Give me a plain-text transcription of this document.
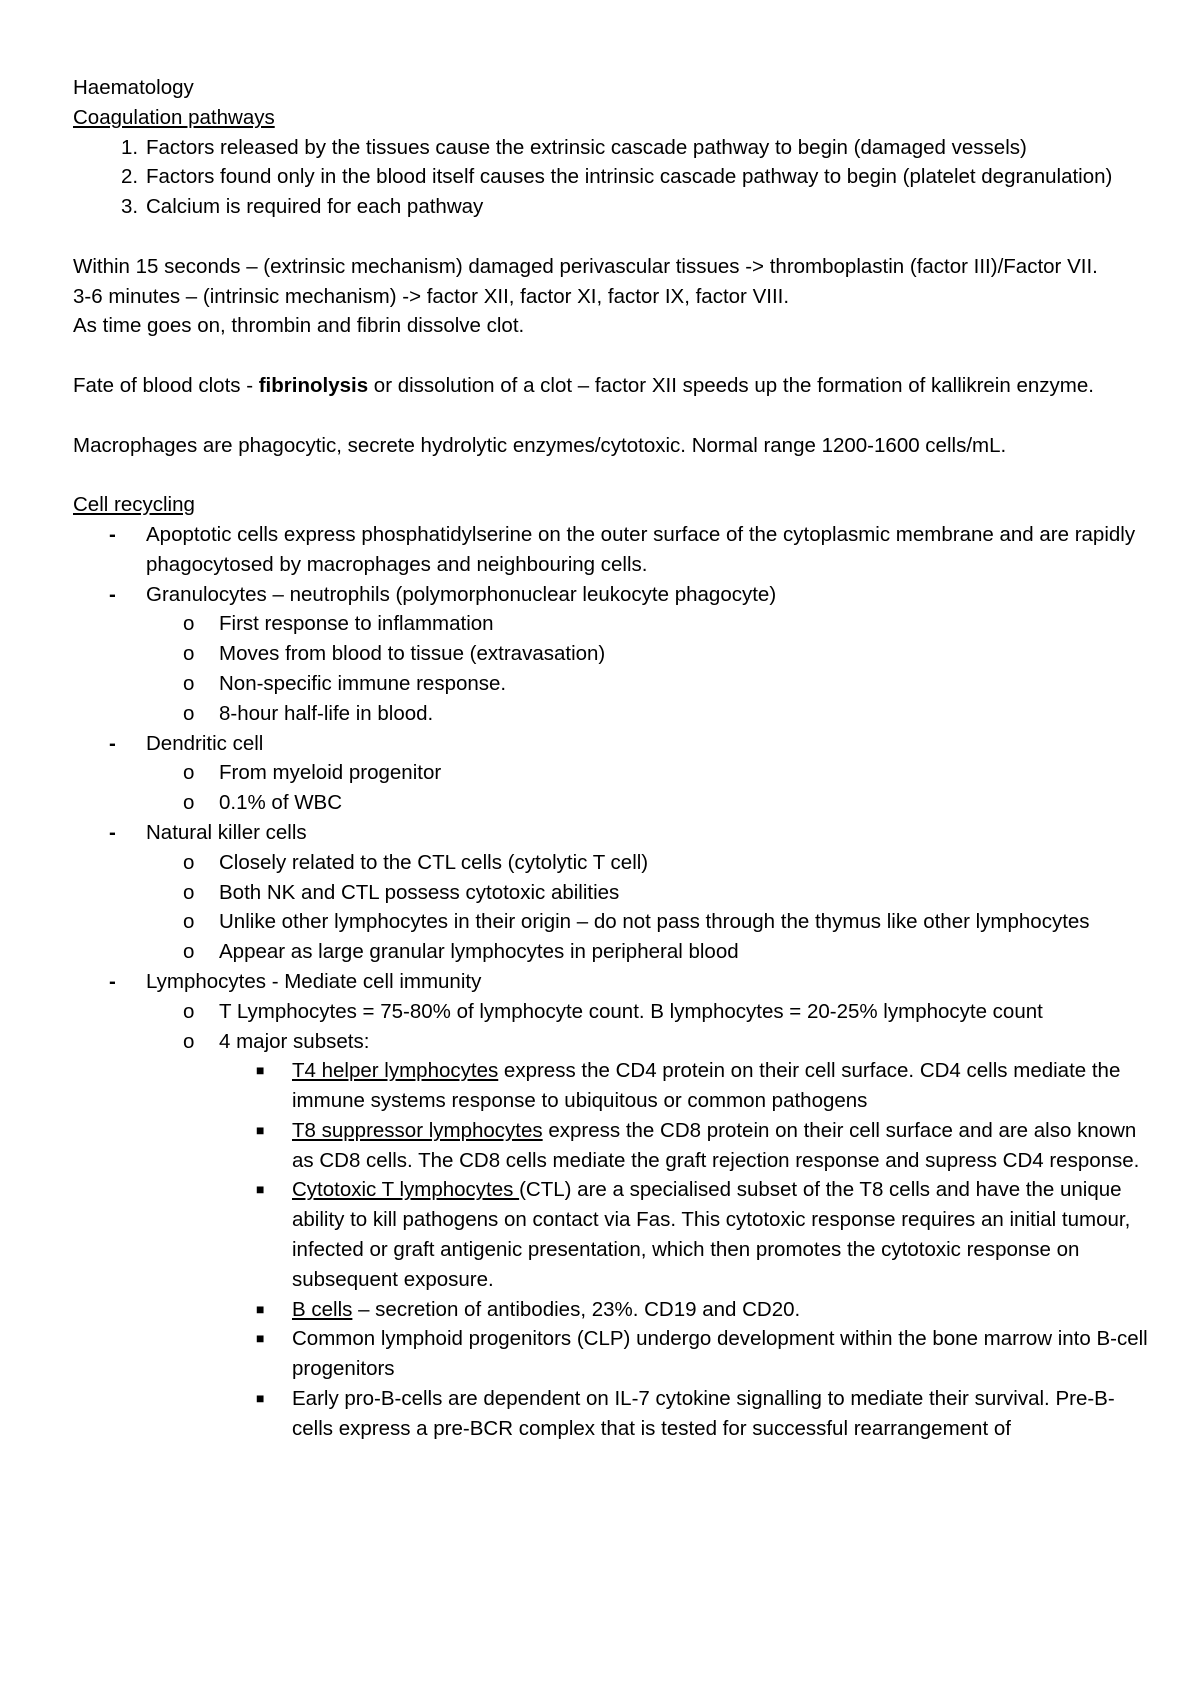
Haematology

Coagulation pathways

1. Factors released by the tissues cause the extrinsic cascade pathway to begin (damaged vessels)

2. Factors found only in the blood itself causes the intrinsic cascade pathway to begin (platelet degranulation)

3. Calcium is required for each pathway

Within 15 seconds – (extrinsic mechanism) damaged perivascular tissues -> thromboplastin (factor III)/Factor VII.

3-6 minutes – (intrinsic mechanism) -> factor XII, factor XI, factor IX, factor VIII.

As time goes on, thrombin and fibrin dissolve clot.

Fate of blood clots - fibrinolysis or dissolution of a clot – factor XII speeds up the formation of kallikrein enzyme.

Macrophages are phagocytic, secrete hydrolytic enzymes/cytotoxic. Normal range 1200-1600 cells/mL.

Cell recycling

- Apoptotic cells express phosphatidylserine on the outer surface of the cytoplasmic membrane and are rapidly phagocytosed by macrophages and neighbouring cells.

- Granulocytes – neutrophils (polymorphonuclear leukocyte phagocyte)

o First response to inflammation

o Moves from blood to tissue (extravasation)

o Non-specific immune response.

o 8-hour half-life in blood.

- Dendritic cell

o From myeloid progenitor

o 0.1% of WBC

- Natural killer cells

o Closely related to the CTL cells (cytolytic T cell)

o Both NK and CTL possess cytotoxic abilities

o Unlike other lymphocytes in their origin – do not pass through the thymus like other lymphocytes

o Appear as large granular lymphocytes in peripheral blood

- Lymphocytes - Mediate cell immunity

o T Lymphocytes = 75-80% of lymphocyte count. B lymphocytes = 20-25% lymphocyte count

o 4 major subsets:

■ T4 helper lymphocytes express the CD4 protein on their cell surface. CD4 cells mediate the immune systems response to ubiquitous or common pathogens

■ T8 suppressor lymphocytes express the CD8 protein on their cell surface and are also known as CD8 cells. The CD8 cells mediate the graft rejection response and supress CD4 response.

■ Cytotoxic T lymphocytes (CTL) are a specialised subset of the T8 cells and have the unique ability to kill pathogens on contact via Fas. This cytotoxic response requires an initial tumour, infected or graft antigenic presentation, which then promotes the cytotoxic response on subsequent exposure.

■ B cells – secretion of antibodies, 23%. CD19 and CD20.

■ Common lymphoid progenitors (CLP) undergo development within the bone marrow into B-cell progenitors

■ Early pro-B-cells are dependent on IL-7 cytokine signalling to mediate their survival. Pre-B-cells express a pre-BCR complex that is tested for successful rearrangement of
